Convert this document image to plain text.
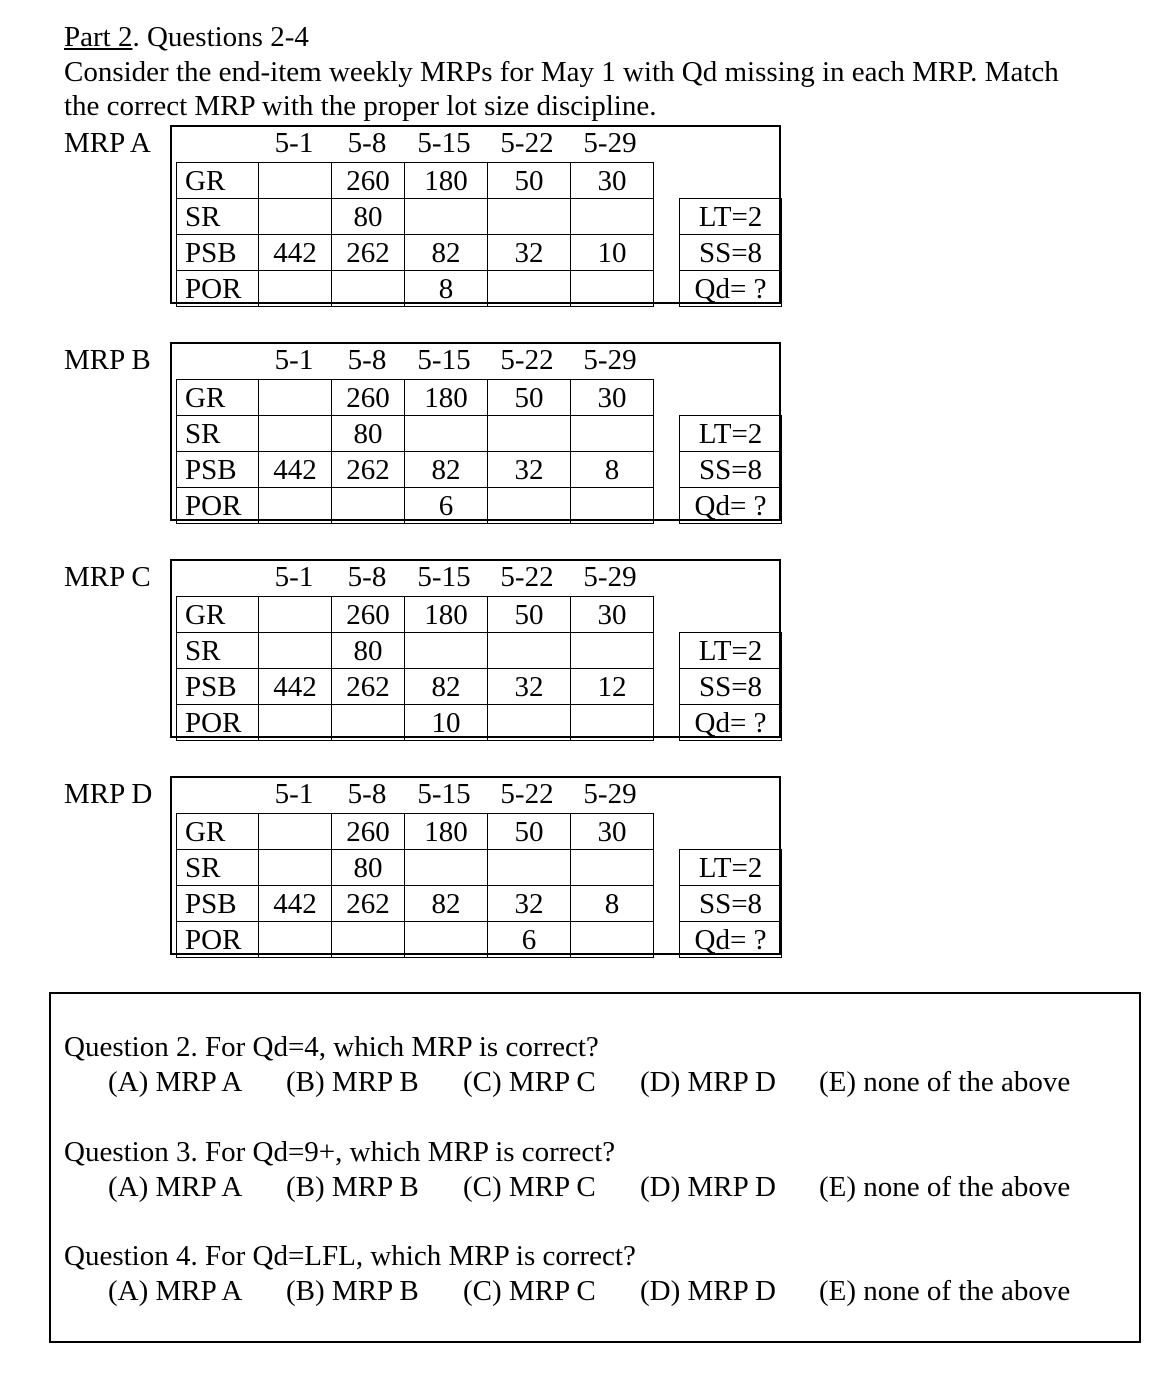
Part 2. Questions 2-4
Consider the end-item weekly MRPs for May 1 with Qd missing in each MRP. Match
the correct MRP with the proper lot size discipline.
MRP A	5-1	5-8	5-15	5-22	5-29
GR		260	180	50	30
SR		80			
PSB	442	262	82	32	10
POR			8		
LT=2
SS=8
Qd= ?
MRP B	5-1	5-8	5-15	5-22	5-29
GR		260	180	50	30
SR		80			
PSB	442	262	82	32	8
POR			6		
LT=2
SS=8
Qd= ?
MRP C	5-1	5-8	5-15	5-22	5-29
GR		260	180	50	30
SR		80			
PSB	442	262	82	32	12
POR			10		
LT=2
SS=8
Qd= ?
MRP D	5-1	5-8	5-15	5-22	5-29
GR		260	180	50	30
SR		80			
PSB	442	262	82	32	8
POR				6	
LT=2
SS=8
Qd= ?
Question 2. For Qd=4, which MRP is correct?
(A) MRP A (B) MRP B (C) MRP C (D) MRP D (E) none of the above
Question 3. For Qd=9+, which MRP is correct?
(A) MRP A (B) MRP B (C) MRP C (D) MRP D (E) none of the above
Question 4. For Qd=LFL, which MRP is correct?
(A) MRP A (B) MRP B (C) MRP C (D) MRP D (E) none of the above
